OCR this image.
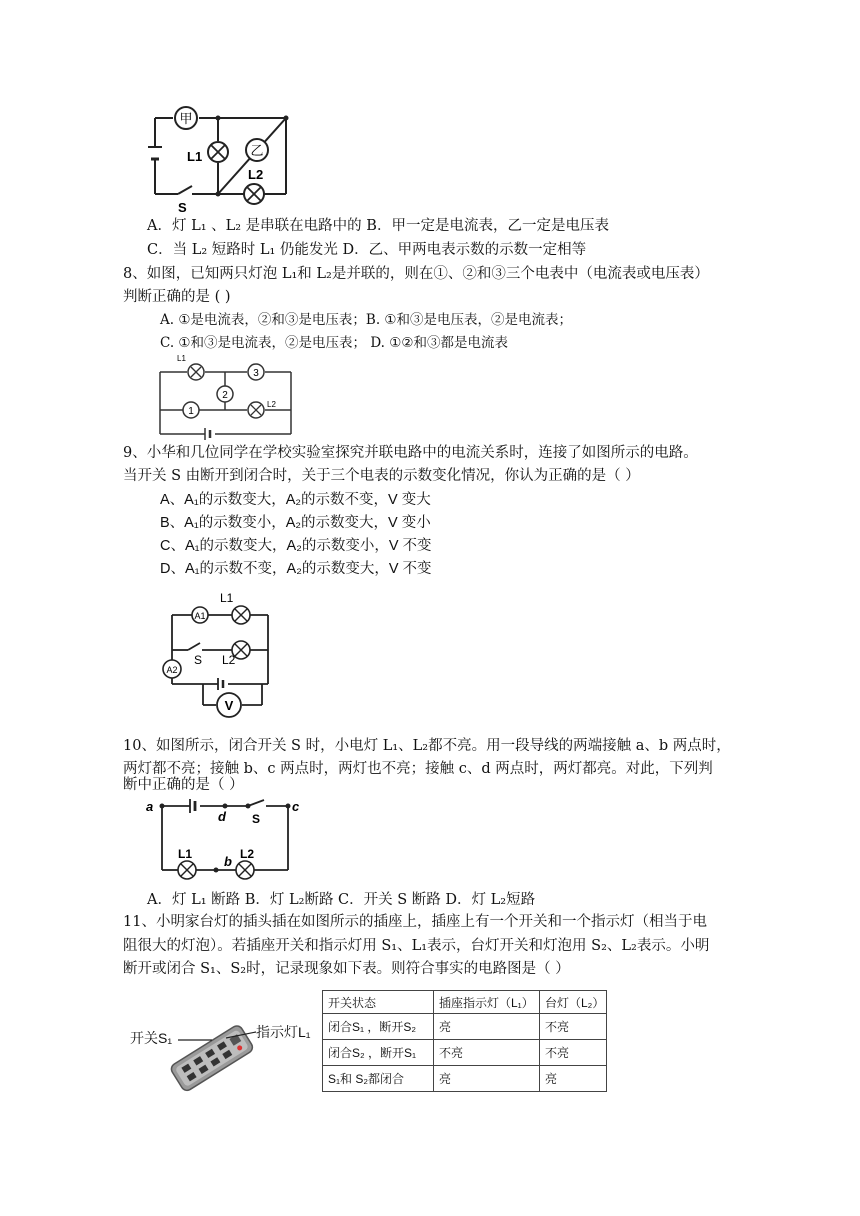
甲
乙
L1
L2
S
A．灯 L₁ 、L₂ 是串联在电路中的 B．甲一定是电流表，乙一定是电压表
C．当 L₂ 短路时 L₁ 仍能发光 D．乙、甲两电表示数的示数一定相等
8、如图，已知两只灯泡 L₁和 L₂是并联的，则在①、②和③三个电表中（电流表或电压表）
判断正确的是 ( )
A. ①是电流表，②和③是电压表；B. ①和③是电压表，②是电流表；
C. ①和③是电流表，②是电压表； D. ①②和③都是电流表
1
2
3
L1
L2
9、小华和几位同学在学校实验室探究并联电路中的电流关系时，连接了如图所示的电路。
当开关 S 由断开到闭合时，关于三个电表的示数变化情况，你认为正确的是（ ）
A、A₁的示数变大，A₂的示数不变，V 变大
B、A₁的示数变小，A₂的示数变大，V 变小
C、A₁的示数变大，A₂的示数变小，V 不变
D、A₁的示数不变，A₂的示数变大，V 不变
A1
A2
V
L1
L2
S
10、如图所示，闭合开关 S 时，小电灯 L₁、L₂都不亮。用一段导线的两端接触 a、b 两点时，
两灯都不亮；接触 b、c 两点时，两灯也不亮；接触 c、d 两点时，两灯都亮。对此，下列判
断中正确的是（ ）
a	c
d
b
S
L1	L2
A．灯 L₁ 断路 B．灯 L₂断路 C．开关 S 断路 D．灯 L₂短路
11、小明家台灯的插头插在如图所示的插座上，插座上有一个开关和一个指示灯（相当于电
阻很大的灯泡）。若插座开关和指示灯用 S₁、L₁表示，台灯开关和灯泡用 S₂、L₂表示。小明
断开或闭合 S₁、S₂时，记录现象如下表。则符合事实的电路图是（ ）
开关S₁	指示灯L₁
开关状态	插座指示灯（L₁）	台灯（L₂）
闭合S₁ ，断开S₂	亮	不亮
闭合S₂ ，断开S₁	不亮	不亮
S₁和 S₂都闭合	亮	亮
